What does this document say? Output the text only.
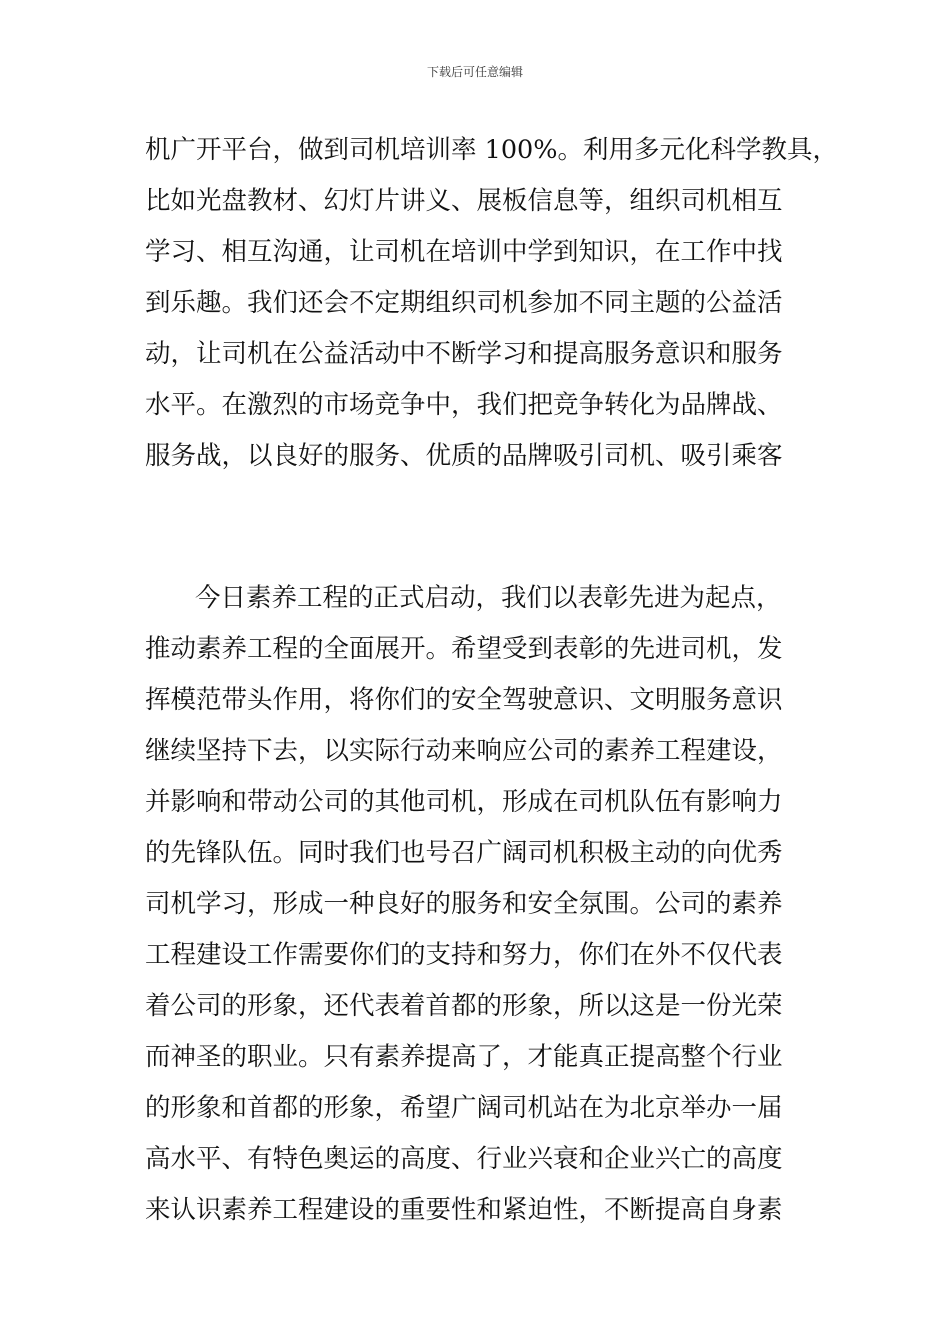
下载后可任意编辑
机广开平台，做到司机培训率 100%。利用多元化科学教具，
比如光盘教材、幻灯片讲义、展板信息等，组织司机相互
学习、相互沟通，让司机在培训中学到知识，在工作中找
到乐趣。我们还会不定期组织司机参加不同主题的公益活
动，让司机在公益活动中不断学习和提高服务意识和服务
水平。在激烈的市场竞争中，我们把竞争转化为品牌战、
服务战，以良好的服务、优质的品牌吸引司机、吸引乘客
今日素养工程的正式启动，我们以表彰先进为起点，
推动素养工程的全面展开。希望受到表彰的先进司机，发
挥模范带头作用，将你们的安全驾驶意识、文明服务意识
继续坚持下去，以实际行动来响应公司的素养工程建设，
并影响和带动公司的其他司机，形成在司机队伍有影响力
的先锋队伍。同时我们也号召广阔司机积极主动的向优秀
司机学习，形成一种良好的服务和安全氛围。公司的素养
工程建设工作需要你们的支持和努力，你们在外不仅代表
着公司的形象，还代表着首都的形象，所以这是一份光荣
而神圣的职业。只有素养提高了，才能真正提高整个行业
的形象和首都的形象，希望广阔司机站在为北京举办一届
高水平、有特色奥运的高度、行业兴衰和企业兴亡的高度
来认识素养工程建设的重要性和紧迫性，不断提高自身素
